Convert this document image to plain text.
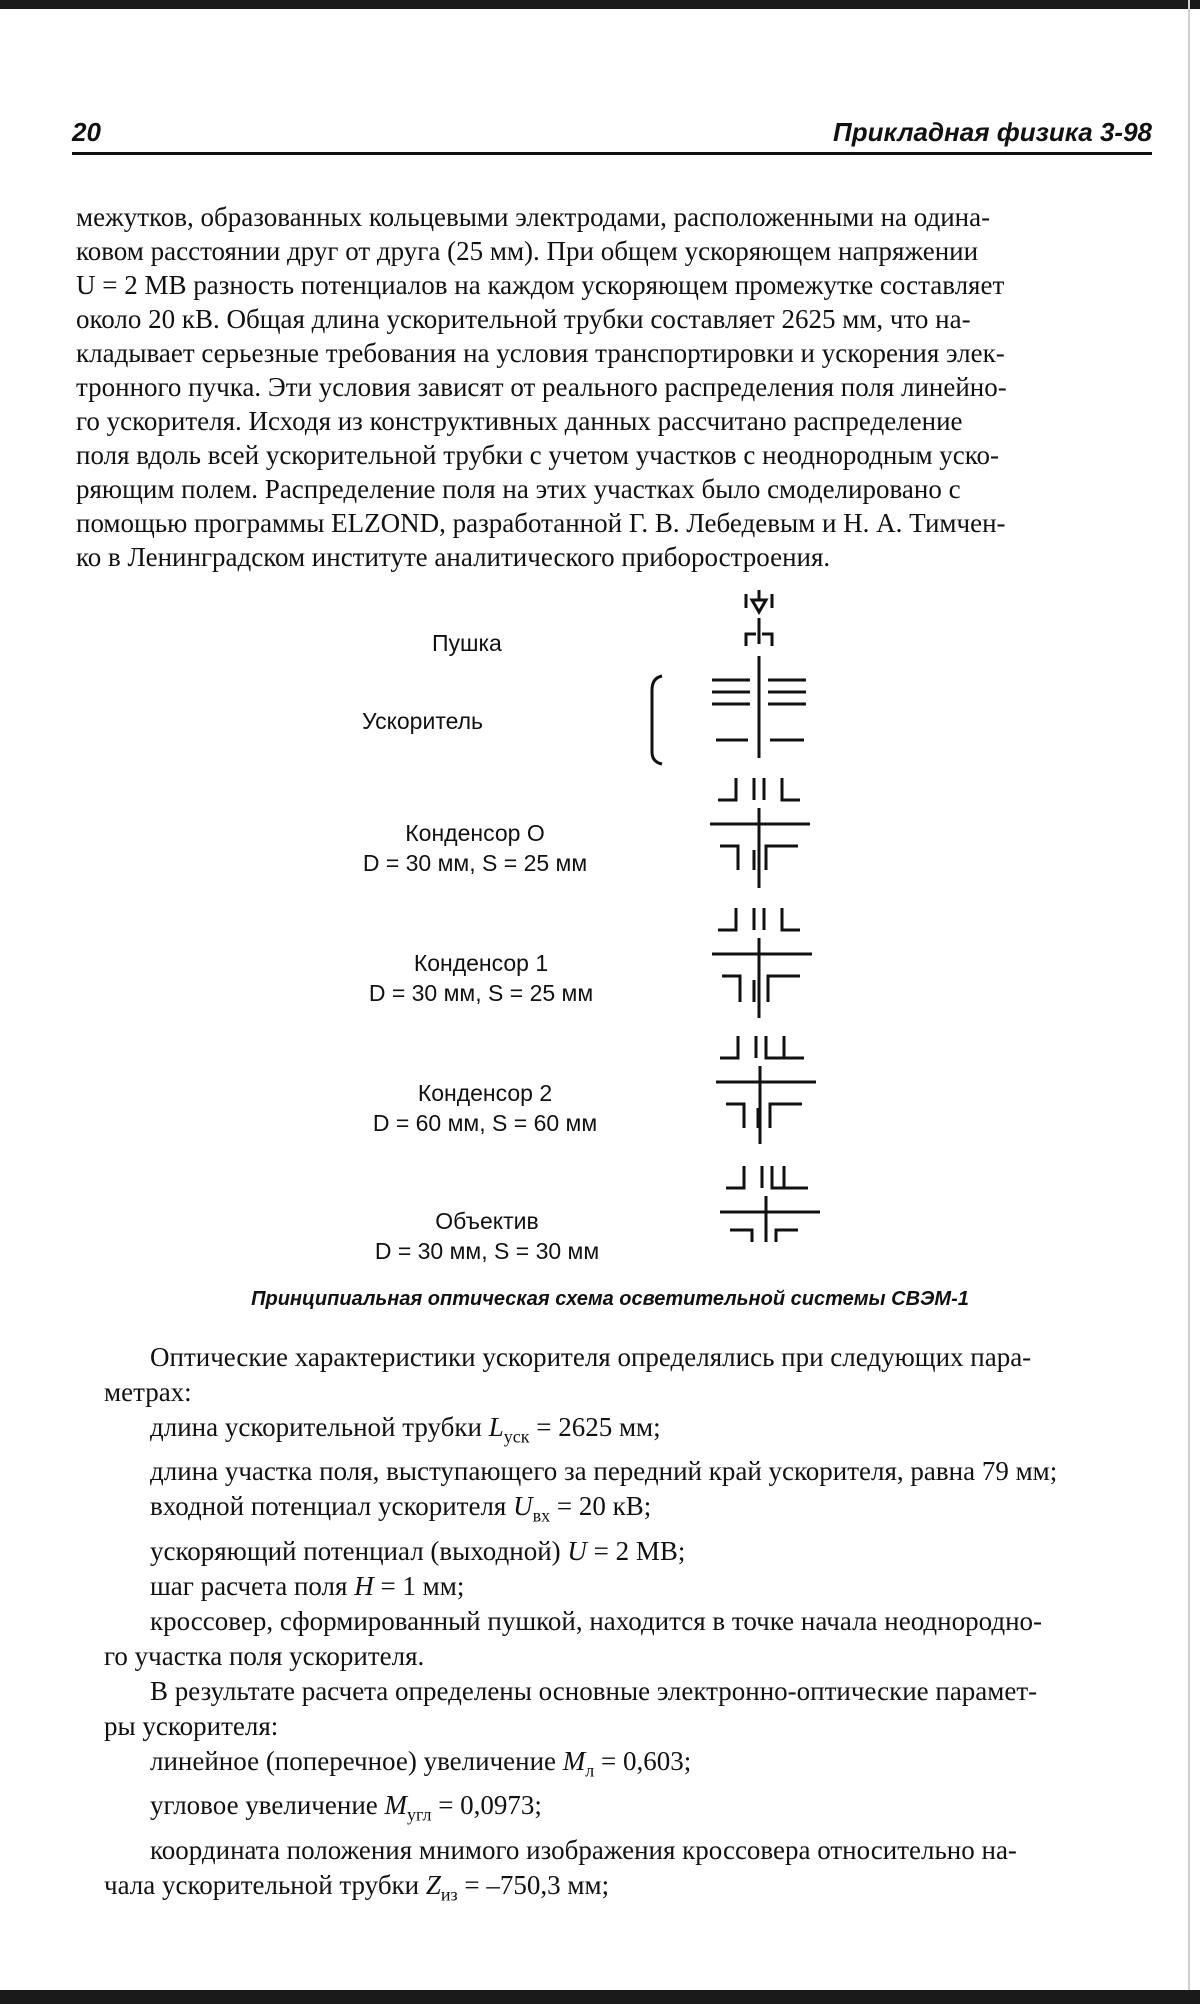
20	Прикладная физика 3-98

межутков, образованных кольцевыми электродами, расположенными на одина-

ковом расстоянии друг от друга (25 мм). При общем ускоряющем напряжении

U = 2 МВ разность потенциалов на каждом ускоряющем промежутке составляет

около 20 кВ. Общая длина ускорительной трубки составляет 2625 мм, что на-

кладывает серьезные требования на условия транспортировки и ускорения элек-

тронного пучка. Эти условия зависят от реального распределения поля линейно-

го ускорителя. Исходя из конструктивных данных рассчитано распределение

поля вдоль всей ускорительной трубки с учетом участков с неоднородным уско-

ряющим полем. Распределение поля на этих участках было смоделировано с

помощью программы ELZOND, разработанной Г. В. Лебедевым и Н. А. Тимчен-

ко в Ленинградском институте аналитического приборостроения.

Пушка
Ускоритель
Конденсор О
D = 30 мм, S = 25 мм
Конденсор 1
D = 30 мм, S = 25 мм
Конденсор 2
D = 60 мм, S = 60 мм
Объектив
D = 30 мм, S = 30 мм
Принципиальная оптическая схема осветительной системы СВЭМ-1

Оптические характеристики ускорителя определялись при следующих пара-

метрах:

длина ускорительной трубки $L_{уск} = 2625$ мм;

длина участка поля, выступающего за передний край ускорителя, равна 79 мм;

входной потенциал ускорителя $U_{вх} = 20$ кВ;

ускоряющий потенциал (выходной) U = 2 МВ;

шаг расчета поля H = 1 мм;

кроссовер, сформированный пушкой, находится в точке начала неоднородно-

го участка поля ускорителя.

В результате расчета определены основные электронно-оптические парамет-

ры ускорителя:

линейное (поперечное) увеличение $M_л = 0,603$;

угловое увеличение $M_{угл} = 0,0973$;

координата положения мнимого изображения кроссовера относительно на-

чала ускорительной трубки $Z_{из} = -750,3$ мм;
